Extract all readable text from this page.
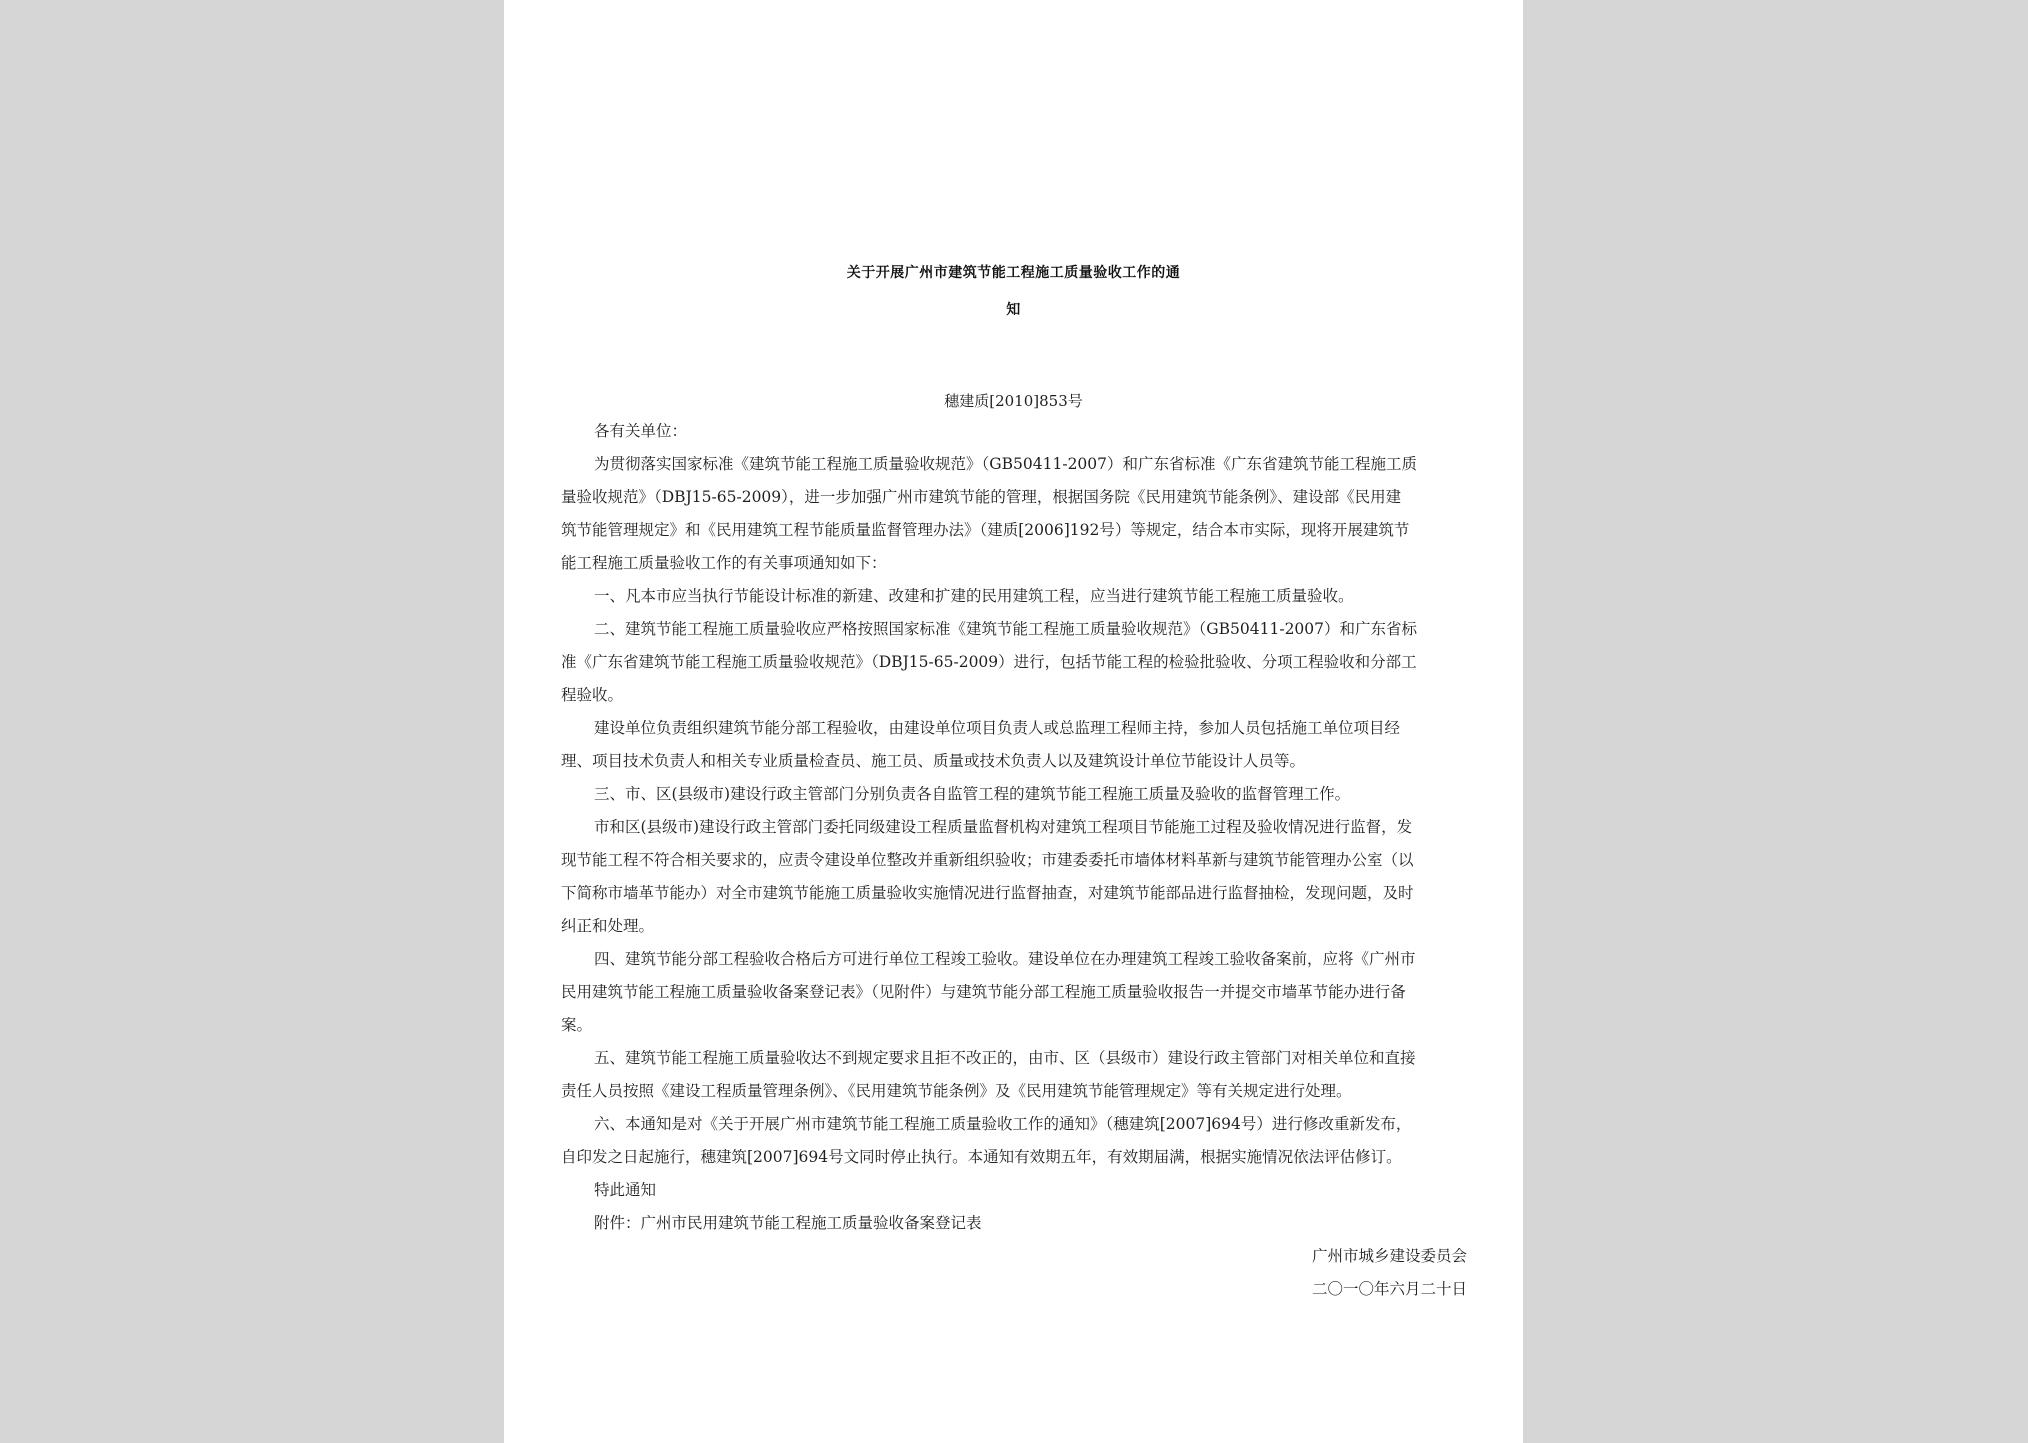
关于开展广州市建筑节能工程施工质量验收工作的通
知
穗建质[2010]853号
各有关单位：
为贯彻落实国家标准《建筑节能工程施工质量验收规范》（GB50411-2007）和广东省标准《广东省建筑节能工程施工质
量验收规范》（DBJ15-65-2009），进一步加强广州市建筑节能的管理，根据国务院《民用建筑节能条例》、建设部《民用建
筑节能管理规定》和《民用建筑工程节能质量监督管理办法》（建质[2006]192号）等规定，结合本市实际，现将开展建筑节
能工程施工质量验收工作的有关事项通知如下：
一、凡本市应当执行节能设计标准的新建、改建和扩建的民用建筑工程，应当进行建筑节能工程施工质量验收。
二、建筑节能工程施工质量验收应严格按照国家标准《建筑节能工程施工质量验收规范》（GB50411-2007）和广东省标
准《广东省建筑节能工程施工质量验收规范》（DBJ15-65-2009）进行，包括节能工程的检验批验收、分项工程验收和分部工
程验收。
建设单位负责组织建筑节能分部工程验收，由建设单位项目负责人或总监理工程师主持，参加人员包括施工单位项目经
理、项目技术负责人和相关专业质量检查员、施工员、质量或技术负责人以及建筑设计单位节能设计人员等。
三、市、区(县级市)建设行政主管部门分别负责各自监管工程的建筑节能工程施工质量及验收的监督管理工作。
市和区(县级市)建设行政主管部门委托同级建设工程质量监督机构对建筑工程项目节能施工过程及验收情况进行监督，发
现节能工程不符合相关要求的，应责令建设单位整改并重新组织验收；市建委委托市墙体材料革新与建筑节能管理办公室（以
下简称市墙革节能办）对全市建筑节能施工质量验收实施情况进行监督抽查，对建筑节能部品进行监督抽检，发现问题，及时
纠正和处理。
四、建筑节能分部工程验收合格后方可进行单位工程竣工验收。建设单位在办理建筑工程竣工验收备案前，应将《广州市
民用建筑节能工程施工质量验收备案登记表》（见附件）与建筑节能分部工程施工质量验收报告一并提交市墙革节能办进行备
案。
五、建筑节能工程施工质量验收达不到规定要求且拒不改正的，由市、区（县级市）建设行政主管部门对相关单位和直接
责任人员按照《建设工程质量管理条例》、《民用建筑节能条例》及《民用建筑节能管理规定》等有关规定进行处理。
六、本通知是对《关于开展广州市建筑节能工程施工质量验收工作的通知》（穗建筑[2007]694号）进行修改重新发布，
自印发之日起施行，穗建筑[2007]694号文同时停止执行。本通知有效期五年，有效期届满，根据实施情况依法评估修订。
特此通知
附件：广州市民用建筑节能工程施工质量验收备案登记表
广州市城乡建设委员会
二〇一〇年六月二十日
